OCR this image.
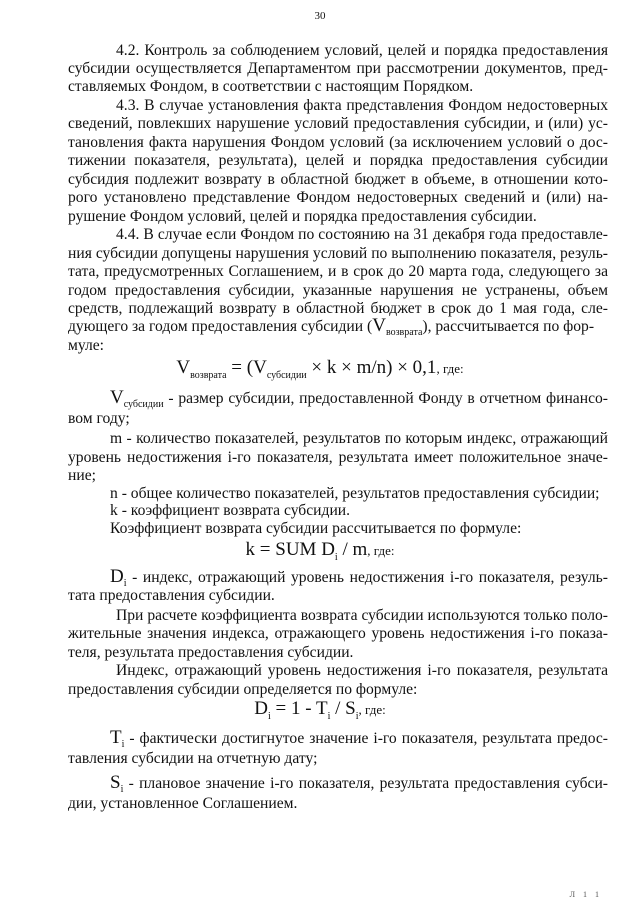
30
4.2. Контроль за соблюдением условий, целей и порядка предоставления
субсидии осуществляется Департаментом при рассмотрении документов, пред-
ставляемых Фондом, в соответствии с настоящим Порядком.
4.3. В случае установления факта представления Фондом недостоверных
сведений, повлекших нарушение условий предоставления субсидии, и (или) ус-
тановления факта нарушения Фондом условий (за исключением условий о дос-
тижении показателя, результата), целей и порядка предоставления субсидии
субсидия подлежит возврату в областной бюджет в объеме, в отношении кото-
рого установлено представление Фондом недостоверных сведений и (или) на-
рушение Фондом условий, целей и порядка предоставления субсидии.
4.4. В случае если Фондом по состоянию на 31 декабря года предоставле-
ния субсидии допущены нарушения условий по выполнению показателя, резуль-
тата, предусмотренных Соглашением, и в срок до 20 марта года, следующего за
годом предоставления субсидии, указанные нарушения не устранены, объем
средств, подлежащий возврату в областной бюджет в срок до 1 мая года, сле-
дующего за годом предоставления субсидии $(V_{возврата})$, рассчитывается по фор-
муле:
$V_{возврата} = (V_{субсидии} \times k \times m/n) \times 0,1$, где:
$V_{субсидии}$ - размер субсидии, предоставленной Фонду в отчетном финансо-
вом году;
m - количество показателей, результатов по которым индекс, отражающий
уровень недостижения i-го показателя, результата имеет положительное значе-
ние;
n - общее количество показателей, результатов предоставления субсидии;
k - коэффициент возврата субсидии.
Коэффициент возврата субсидии рассчитывается по формуле:
k = SUM $D_i$ / m, где:
$D_i$ - индекс, отражающий уровень недостижения i-го показателя, резуль-
тата предоставления субсидии.
При расчете коэффициента возврата субсидии используются только поло-
жительные значения индекса, отражающего уровень недостижения i-го показа-
теля, результата предоставления субсидии.
Индекс, отражающий уровень недостижения i-го показателя, результата
предоставления субсидии определяется по формуле:
$D_i = 1 - T_i / S_i$, где:
$T_i$ - фактически достигнутое значение i-го показателя, результата предос-
тавления субсидии на отчетную дату;
$S_i$ - плановое значение i-го показателя, результата предоставления субси-
дии, установленное Соглашением.
Л 1 1
